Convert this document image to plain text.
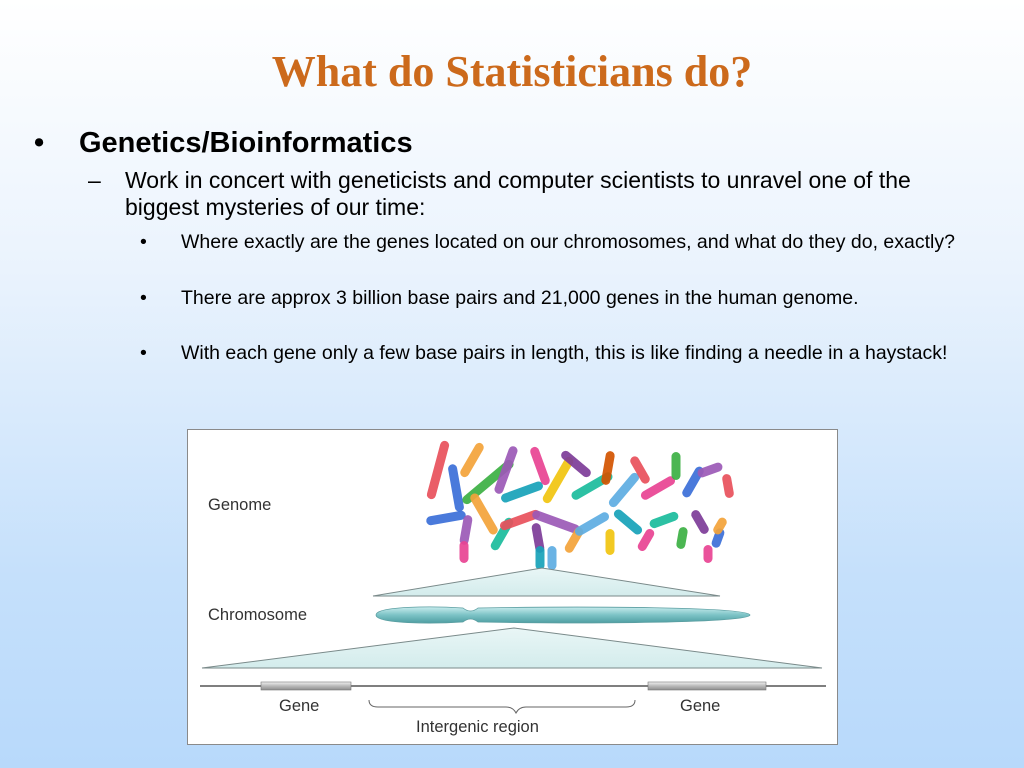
What do Statisticians do?
• Genetics/Bioinformatics
– Work in concert with geneticists and computer scientists to unravel one of the biggest mysteries of our time:
• Where exactly are the genes located on our chromosomes, and what do they do, exactly?
• There are approx 3 billion base pairs and 21,000 genes in the human genome.
• With each gene only a few base pairs in length, this is like finding a needle in a haystack!
Genome
Chromosome
Gene	Gene
Intergenic region
